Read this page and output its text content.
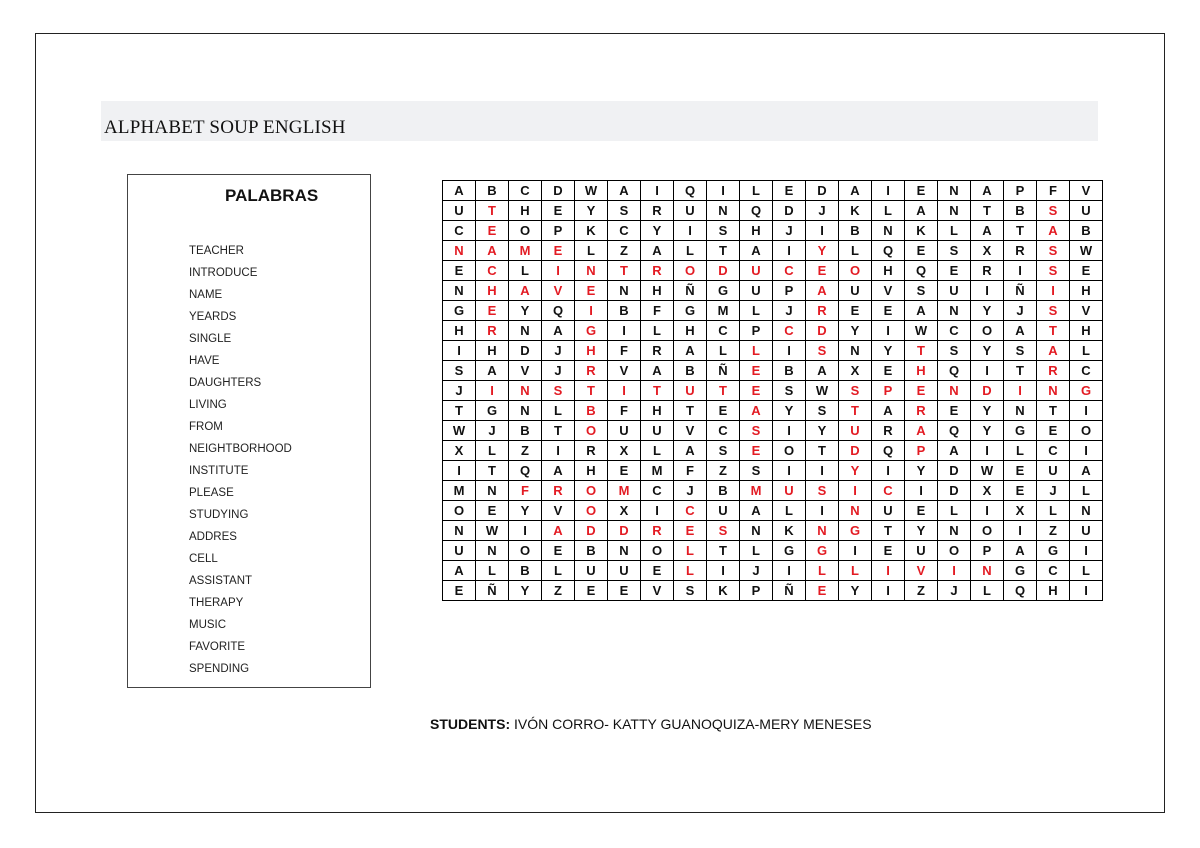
ALPHABET SOUP ENGLISH
PALABRAS
TEACHER
INTRODUCE
NAME
YEARDS
SINGLE
HAVE
DAUGHTERS
LIVING
FROM
NEIGHTBORHOOD
INSTITUTE
PLEASE
STUDYING
ADDRES
CELL
ASSISTANT
THERAPY
MUSIC
FAVORITE
SPENDING
A	B	C	D	W	A	I	Q	I	L	E	D	A	I	E	N	A	P	F	V
U	T	H	E	Y	S	R	U	N	Q	D	J	K	L	A	N	T	B	S	U
C	E	O	P	K	C	Y	I	S	H	J	I	B	N	K	L	A	T	A	B
N	A	M	E	L	Z	A	L	T	A	I	Y	L	Q	E	S	X	R	S	W
E	C	L	I	N	T	R	O	D	U	C	E	O	H	Q	E	R	I	S	E
N	H	A	V	E	N	H	Ñ	G	U	P	A	U	V	S	U	I	Ñ	I	H
G	E	Y	Q	I	B	F	G	M	L	J	R	E	E	A	N	Y	J	S	V
H	R	N	A	G	I	L	H	C	P	C	D	Y	I	W	C	O	A	T	H
I	H	D	J	H	F	R	A	L	L	I	S	N	Y	T	S	Y	S	A	L
S	A	V	J	R	V	A	B	Ñ	E	B	A	X	E	H	Q	I	T	R	C
J	I	N	S	T	I	T	U	T	E	S	W	S	P	E	N	D	I	N	G
T	G	N	L	B	F	H	T	E	A	Y	S	T	A	R	E	Y	N	T	I
W	J	B	T	O	U	U	V	C	S	I	Y	U	R	A	Q	Y	G	E	O
X	L	Z	I	R	X	L	A	S	E	O	T	D	Q	P	A	I	L	C	I
I	T	Q	A	H	E	M	F	Z	S	I	I	Y	I	Y	D	W	E	U	A
M	N	F	R	O	M	C	J	B	M	U	S	I	C	I	D	X	E	J	L
O	E	Y	V	O	X	I	C	U	A	L	I	N	U	E	L	I	X	L	N
N	W	I	A	D	D	R	E	S	N	K	N	G	T	Y	N	O	I	Z	U
U	N	O	E	B	N	O	L	T	L	G	G	I	E	U	O	P	A	G	I
A	L	B	L	U	U	E	L	I	J	I	L	L	I	V	I	N	G	C	L
E	Ñ	Y	Z	E	E	V	S	K	P	Ñ	E	Y	I	Z	J	L	Q	H	I
STUDENTS: IVÓN CORRO- KATTY GUANOQUIZA-MERY MENESES
